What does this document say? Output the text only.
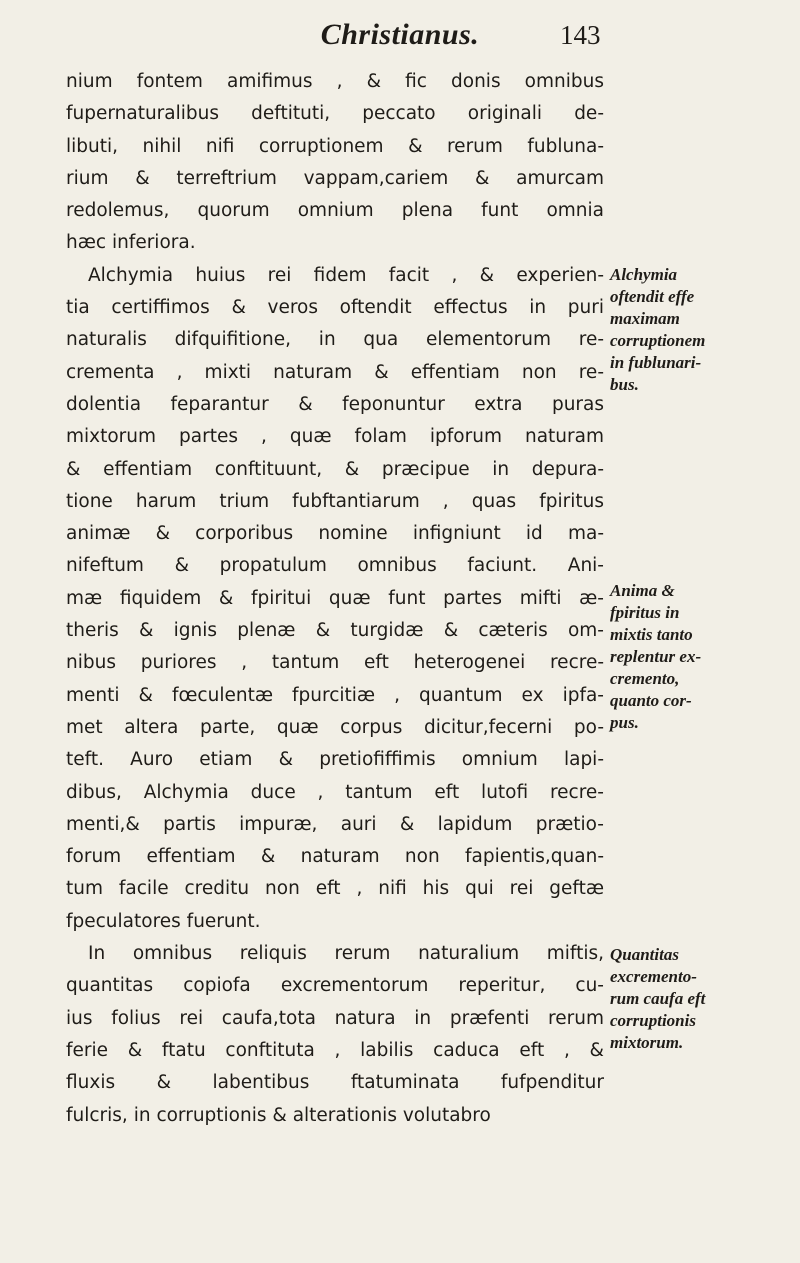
Christianus.	143
nium fontem amifimus , & fic donis omnibus
fupernaturalibus deftituti, peccato originali de-
libuti, nihil nifi corruptionem & rerum fubluna-
rium & terreftrium vappam,cariem & amurcam
redolemus, quorum omnium plena funt omnia
hæc inferiora.
Alchymia huius rei fidem facit , & experien-
tia certiffimos & veros oftendit effectus in puri
naturalis difquifitione, in qua elementorum re-
crementa , mixti naturam & effentiam non re-
dolentia feparantur & feponuntur extra puras
mixtorum partes , quæ folam ipforum naturam
& effentiam conftituunt, & præcipue in depura-
tione harum trium fubftantiarum , quas fpiritus
animæ & corporibus nomine infigniunt id ma-
nifeftum & propatulum omnibus faciunt. Ani-
mæ fiquidem & fpiritui quæ funt partes mifti æ-
theris & ignis plenæ & turgidæ & cæteris om-
nibus puriores , tantum eft heterogenei recre-
menti & fœculentæ fpurcitiæ , quantum ex ipfa-
met altera parte, quæ corpus dicitur,fecerni po-
teft. Auro etiam & pretiofiffimis omnium lapi-
dibus, Alchymia duce , tantum eft lutofi recre-
menti,& partis impuræ, auri & lapidum prætio-
forum effentiam & naturam non fapientis,quan-
tum facile creditu non eft , nifi his qui rei geftæ
fpeculatores fuerunt.
In omnibus reliquis rerum naturalium miftis,
quantitas copiofa excrementorum reperitur, cu-
ius folius rei caufa,tota natura in præfenti rerum
ferie & ftatu conftituta , labilis caduca eft , &
fluxis & labentibus ftatuminata fufpenditur
fulcris, in corruptionis & alterationis volutabro
Alchymia
oftendit effe
maximam
corruptionem
in fublunari-
bus.
Anima &
fpiritus in
mixtis tanto
replentur ex-
cremento,
quanto cor-
pus.
Quantitas
excremento-
rum caufa eft
corruptionis
mixtorum.
